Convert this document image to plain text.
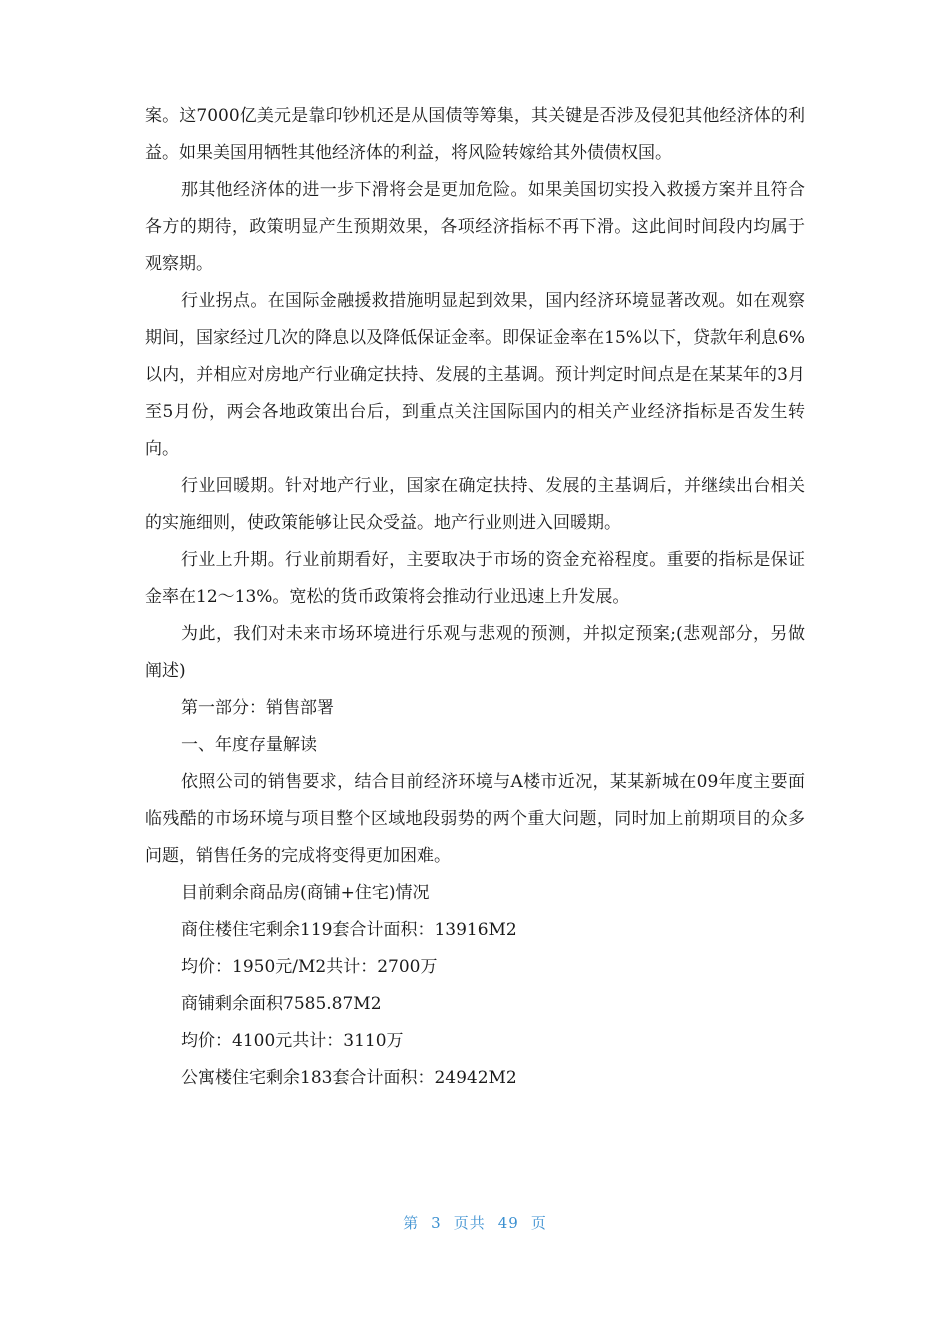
案。这7000亿美元是靠印钞机还是从国债等筹集，其关键是否涉及侵犯其他经济体的利益。如果美国用牺牲其他经济体的利益，将风险转嫁给其外债债权国。

那其他经济体的进一步下滑将会是更加危险。如果美国切实投入救援方案并且符合各方的期待，政策明显产生预期效果，各项经济指标不再下滑。这此间时间段内均属于观察期。

行业拐点。在国际金融援救措施明显起到效果，国内经济环境显著改观。如在观察期间，国家经过几次的降息以及降低保证金率。即保证金率在15%以下，贷款年利息6%以内，并相应对房地产行业确定扶持、发展的主基调。预计判定时间点是在某某年的3月至5月份，两会各地政策出台后，到重点关注国际国内的相关产业经济指标是否发生转向。

行业回暖期。针对地产行业，国家在确定扶持、发展的主基调后，并继续出台相关的实施细则，使政策能够让民众受益。地产行业则进入回暖期。

行业上升期。行业前期看好，主要取决于市场的资金充裕程度。重要的指标是保证金率在12～13%。宽松的货币政策将会推动行业迅速上升发展。

为此，我们对未来市场环境进行乐观与悲观的预测，并拟定预案;(悲观部分，另做阐述)

第一部分：销售部署

一、年度存量解读

依照公司的销售要求，结合目前经济环境与A楼市近况，某某新城在09年度主要面临残酷的市场环境与项目整个区域地段弱势的两个重大问题，同时加上前期项目的众多问题，销售任务的完成将变得更加困难。

目前剩余商品房(商铺+住宅)情况

商住楼住宅剩余119套合计面积：13916M2

均价：1950元/M2共计：2700万

商铺剩余面积7585.87M2

均价：4100元共计：3110万

公寓楼住宅剩余183套合计面积：24942M2

第 3 页共 49 页
